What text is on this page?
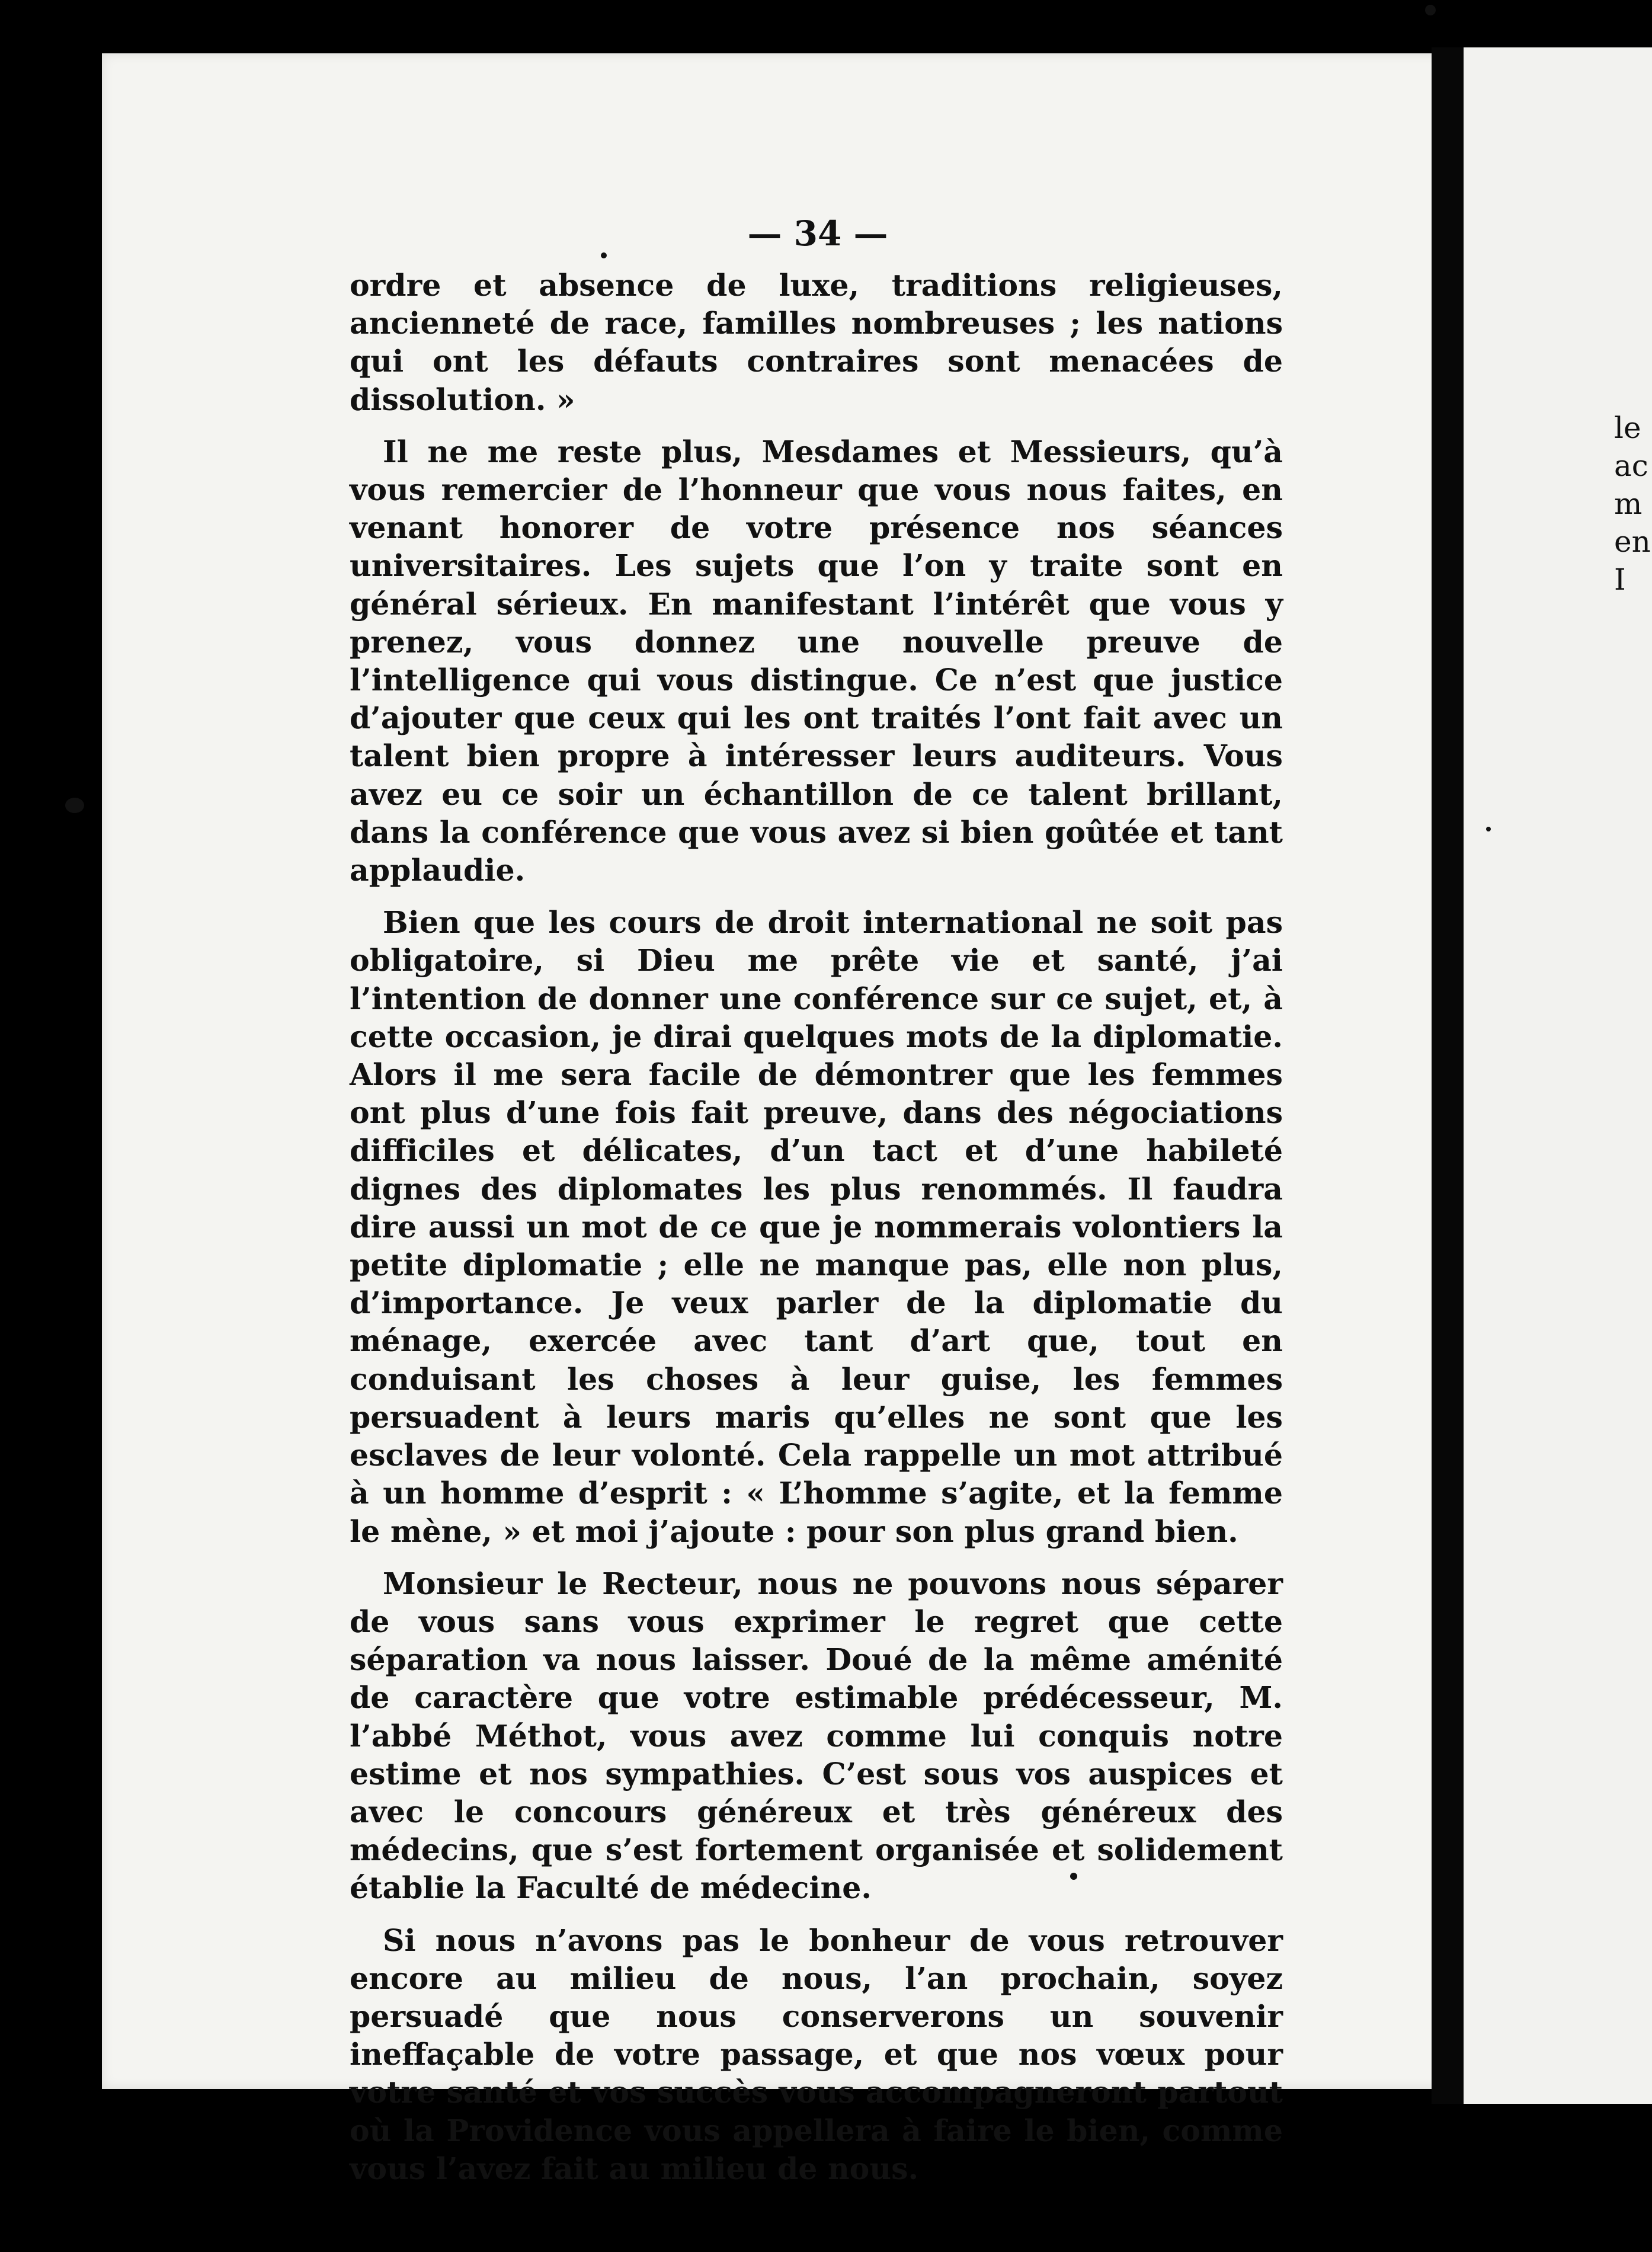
— 34 —

ordre et absence de luxe, traditions religieuses, ancienneté de race, familles nombreuses ; les nations qui ont les défauts contraires sont menacées de dissolution. »

Il ne me reste plus, Mesdames et Messieurs, qu’à vous remercier de l’honneur que vous nous faites, en venant honorer de votre présence nos séances universitaires. Les sujets que l’on y traite sont en général sérieux. En manifestant l’intérêt que vous y prenez, vous donnez une nouvelle preuve de l’intelligence qui vous distingue. Ce n’est que justice d’ajouter que ceux qui les ont traités l’ont fait avec un talent bien propre à intéresser leurs auditeurs. Vous avez eu ce soir un échantillon de ce talent brillant, dans la conférence que vous avez si bien goûtée et tant applaudie.

Bien que les cours de droit international ne soit pas obligatoire, si Dieu me prête vie et santé, j’ai l’intention de donner une conférence sur ce sujet, et, à cette occasion, je dirai quelques mots de la diplomatie. Alors il me sera facile de démontrer que les femmes ont plus d’une fois fait preuve, dans des négociations difficiles et délicates, d’un tact et d’une habileté dignes des diplomates les plus renommés. Il faudra dire aussi un mot de ce que je nommerais volontiers la petite diplomatie ; elle ne manque pas, elle non plus, d’importance. Je veux parler de la diplomatie du ménage, exercée avec tant d’art que, tout en conduisant les choses à leur guise, les femmes persuadent à leurs maris qu’elles ne sont que les esclaves de leur volonté. Cela rappelle un mot attribué à un homme d’esprit : « L’homme s’agite, et la femme le mène, » et moi j’ajoute : pour son plus grand bien.

Monsieur le Recteur, nous ne pouvons nous séparer de vous sans vous exprimer le regret que cette séparation va nous laisser. Doué de la même aménité de caractère que votre estimable prédécesseur, M. l’abbé Méthot, vous avez comme lui conquis notre estime et nos sympathies. C’est sous vos auspices et avec le concours généreux et très généreux des médecins, que s’est fortement organisée et solidement établie la Faculté de médecine.

Si nous n’avons pas le bonheur de vous retrouver encore au milieu de nous, l’an prochain, soyez persuadé que nous conserverons un souvenir ineffaçable de votre passage, et que nos vœux pour votre santé et vos succès vous accompagneront partout où la Providence vous appellera à faire le bien, comme vous l’avez fait au milieu de nous.

le
ac
m
en
I
